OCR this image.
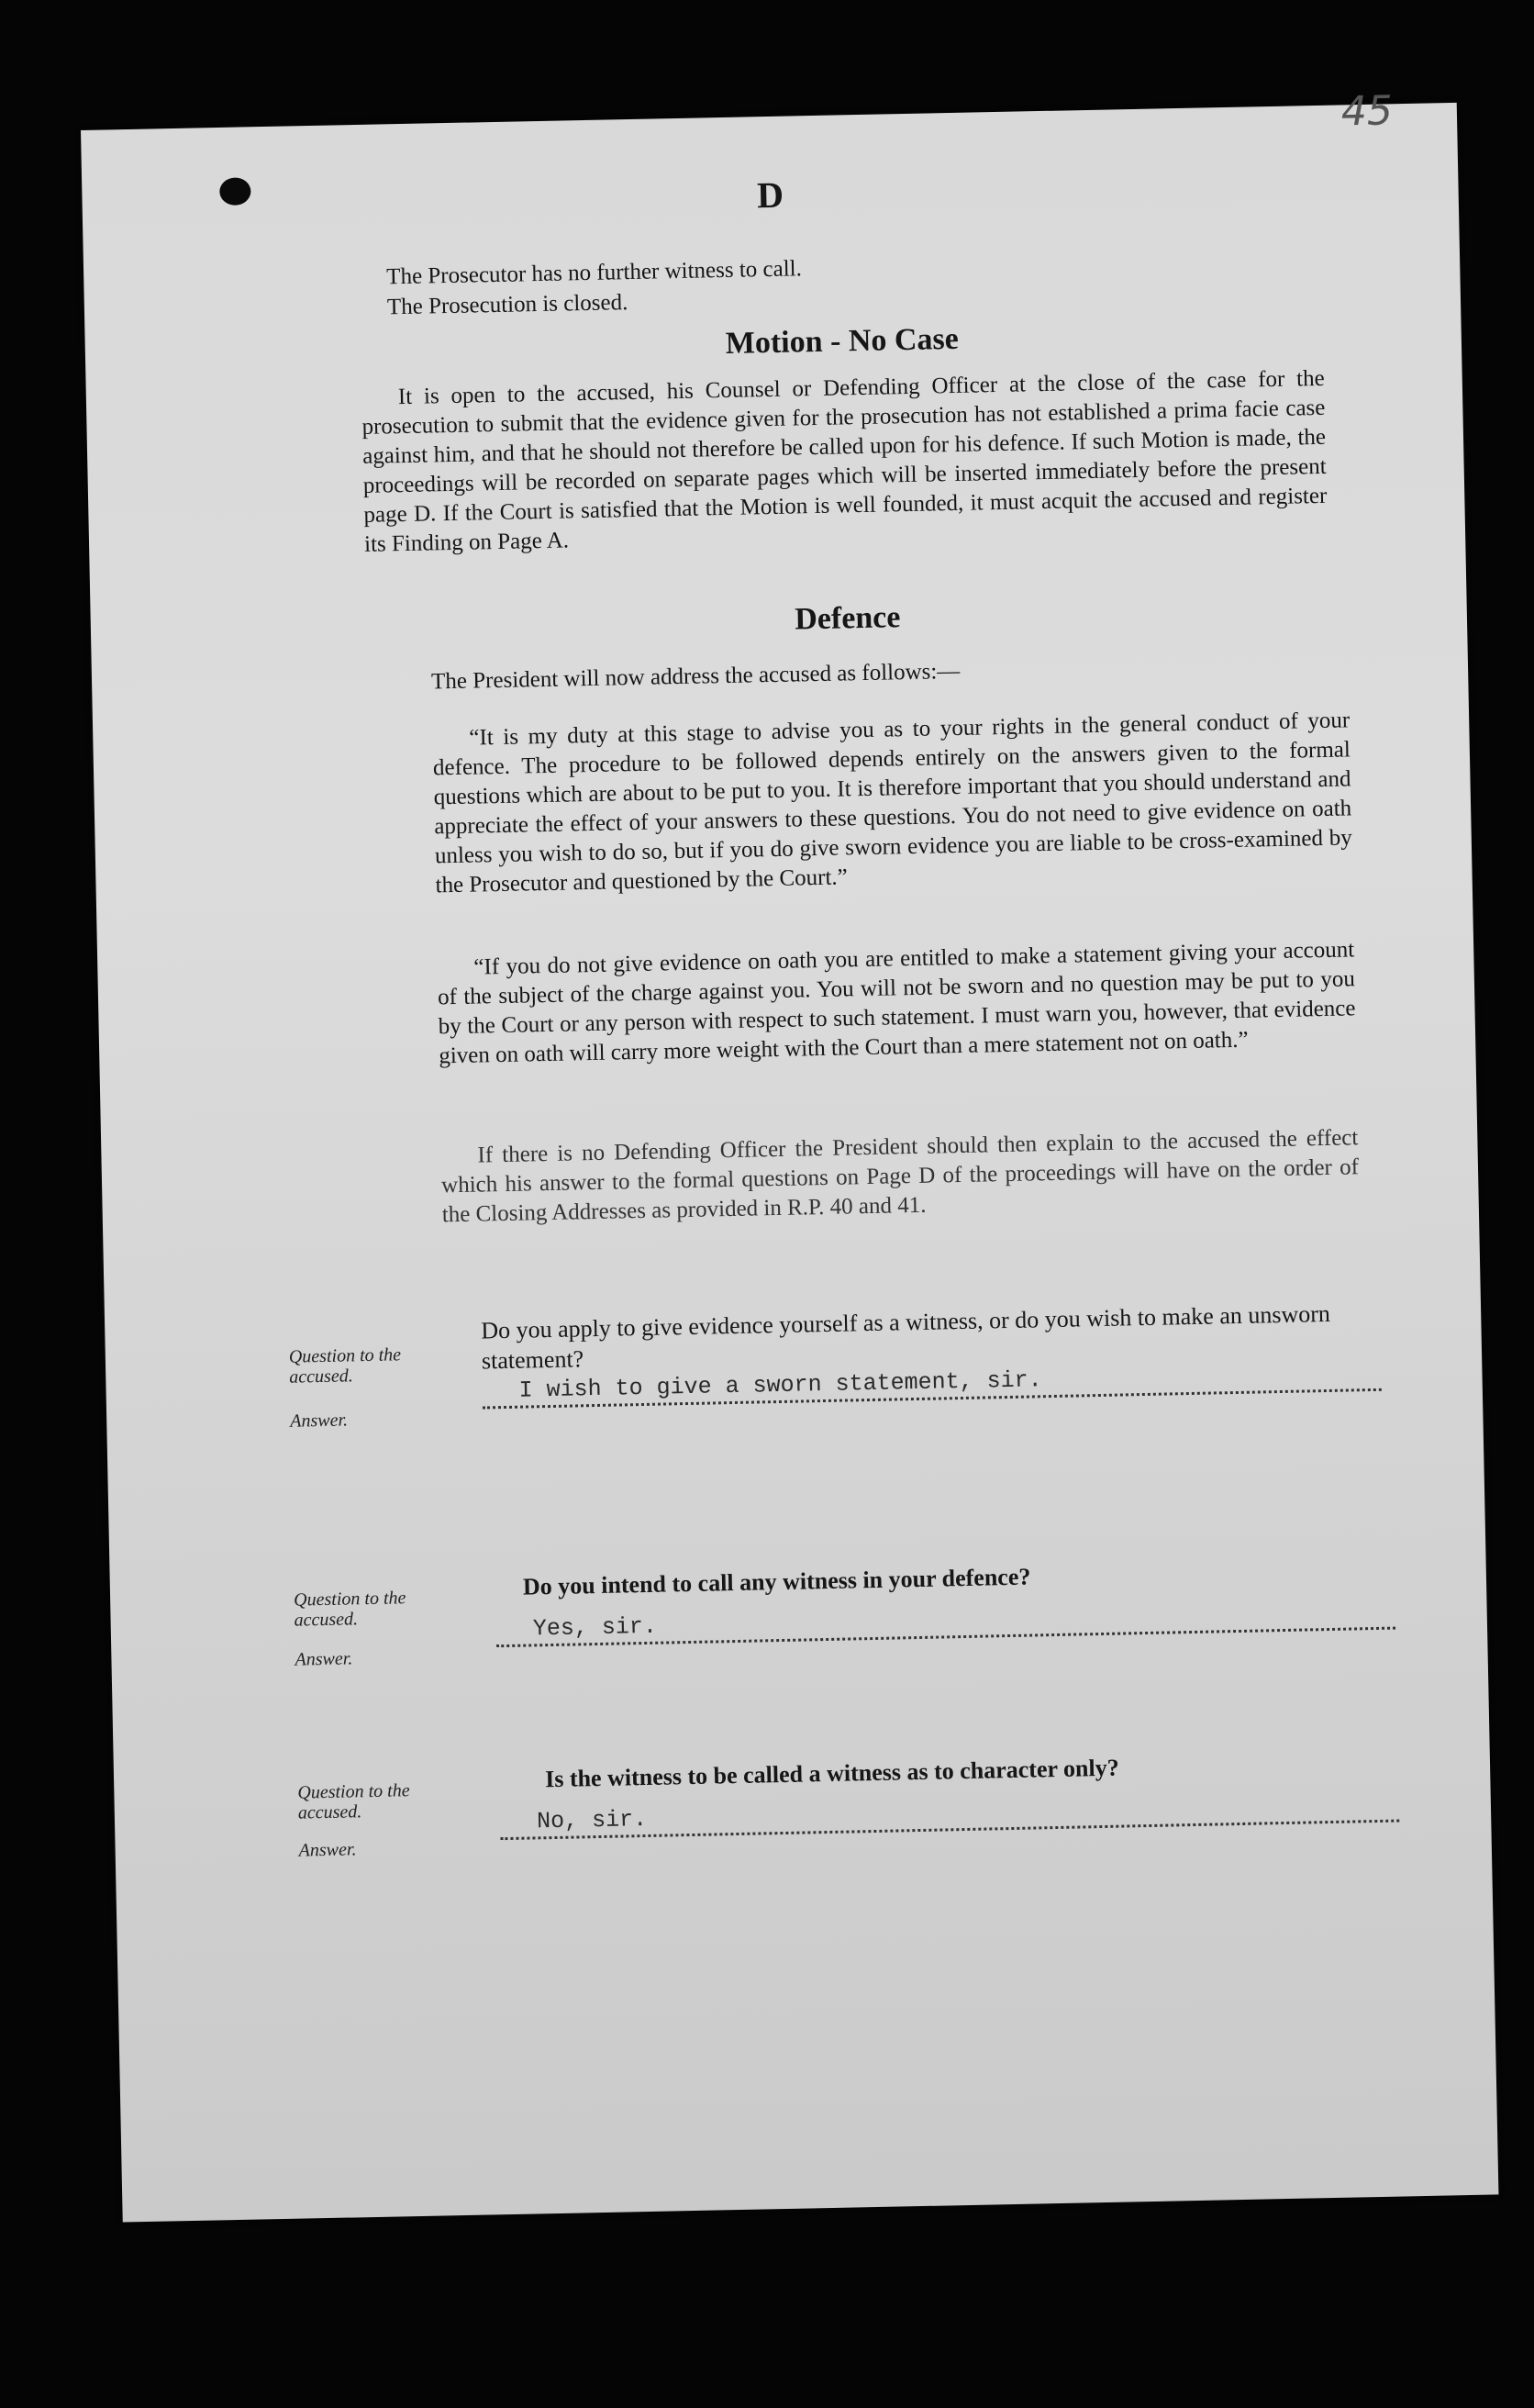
45
D
The Prosecutor has no further witness to call.
The Prosecution is closed.
Motion - No Case
It is open to the accused, his Counsel or Defending Officer at the close of the case for the prosecution to submit that the evidence given for the prosecution has not established a prima facie case against him, and that he should not therefore be called upon for his defence. If such Motion is made, the proceedings will be recorded on separate pages which will be inserted immediately before the present page D. If the Court is satisfied that the Motion is well founded, it must acquit the accused and register its Finding on Page A.
Defence
The President will now address the accused as follows:—
“It is my duty at this stage to advise you as to your rights in the general conduct of your defence. The procedure to be followed depends entirely on the answers given to the formal questions which are about to be put to you. It is therefore important that you should understand and appreciate the effect of your answers to these questions. You do not need to give evidence on oath unless you wish to do so, but if you do give sworn evidence you are liable to be cross-examined by the Prosecutor and questioned by the Court.”
“If you do not give evidence on oath you are entitled to make a statement giving your account of the subject of the charge against you. You will not be sworn and no question may be put to you by the Court or any person with respect to such statement. I must warn you, however, that evidence given on oath will carry more weight with the Court than a mere statement not on oath.”
If there is no Defending Officer the President should then explain to the accused the effect which his answer to the formal questions on Page D of the proceedings will have on the order of the Closing Addresses as provided in R.P. 40 and 41.
Question to the accused.
Answer.
Do you apply to give evidence yourself as a witness, or do you wish to make an unsworn statement?
I wish to give a sworn statement, sir.
Question to the accused.
Answer.
Do you intend to call any witness in your defence?
Yes, sir.
Question to the accused.
Answer.
Is the witness to be called a witness as to character only?
No, sir.
